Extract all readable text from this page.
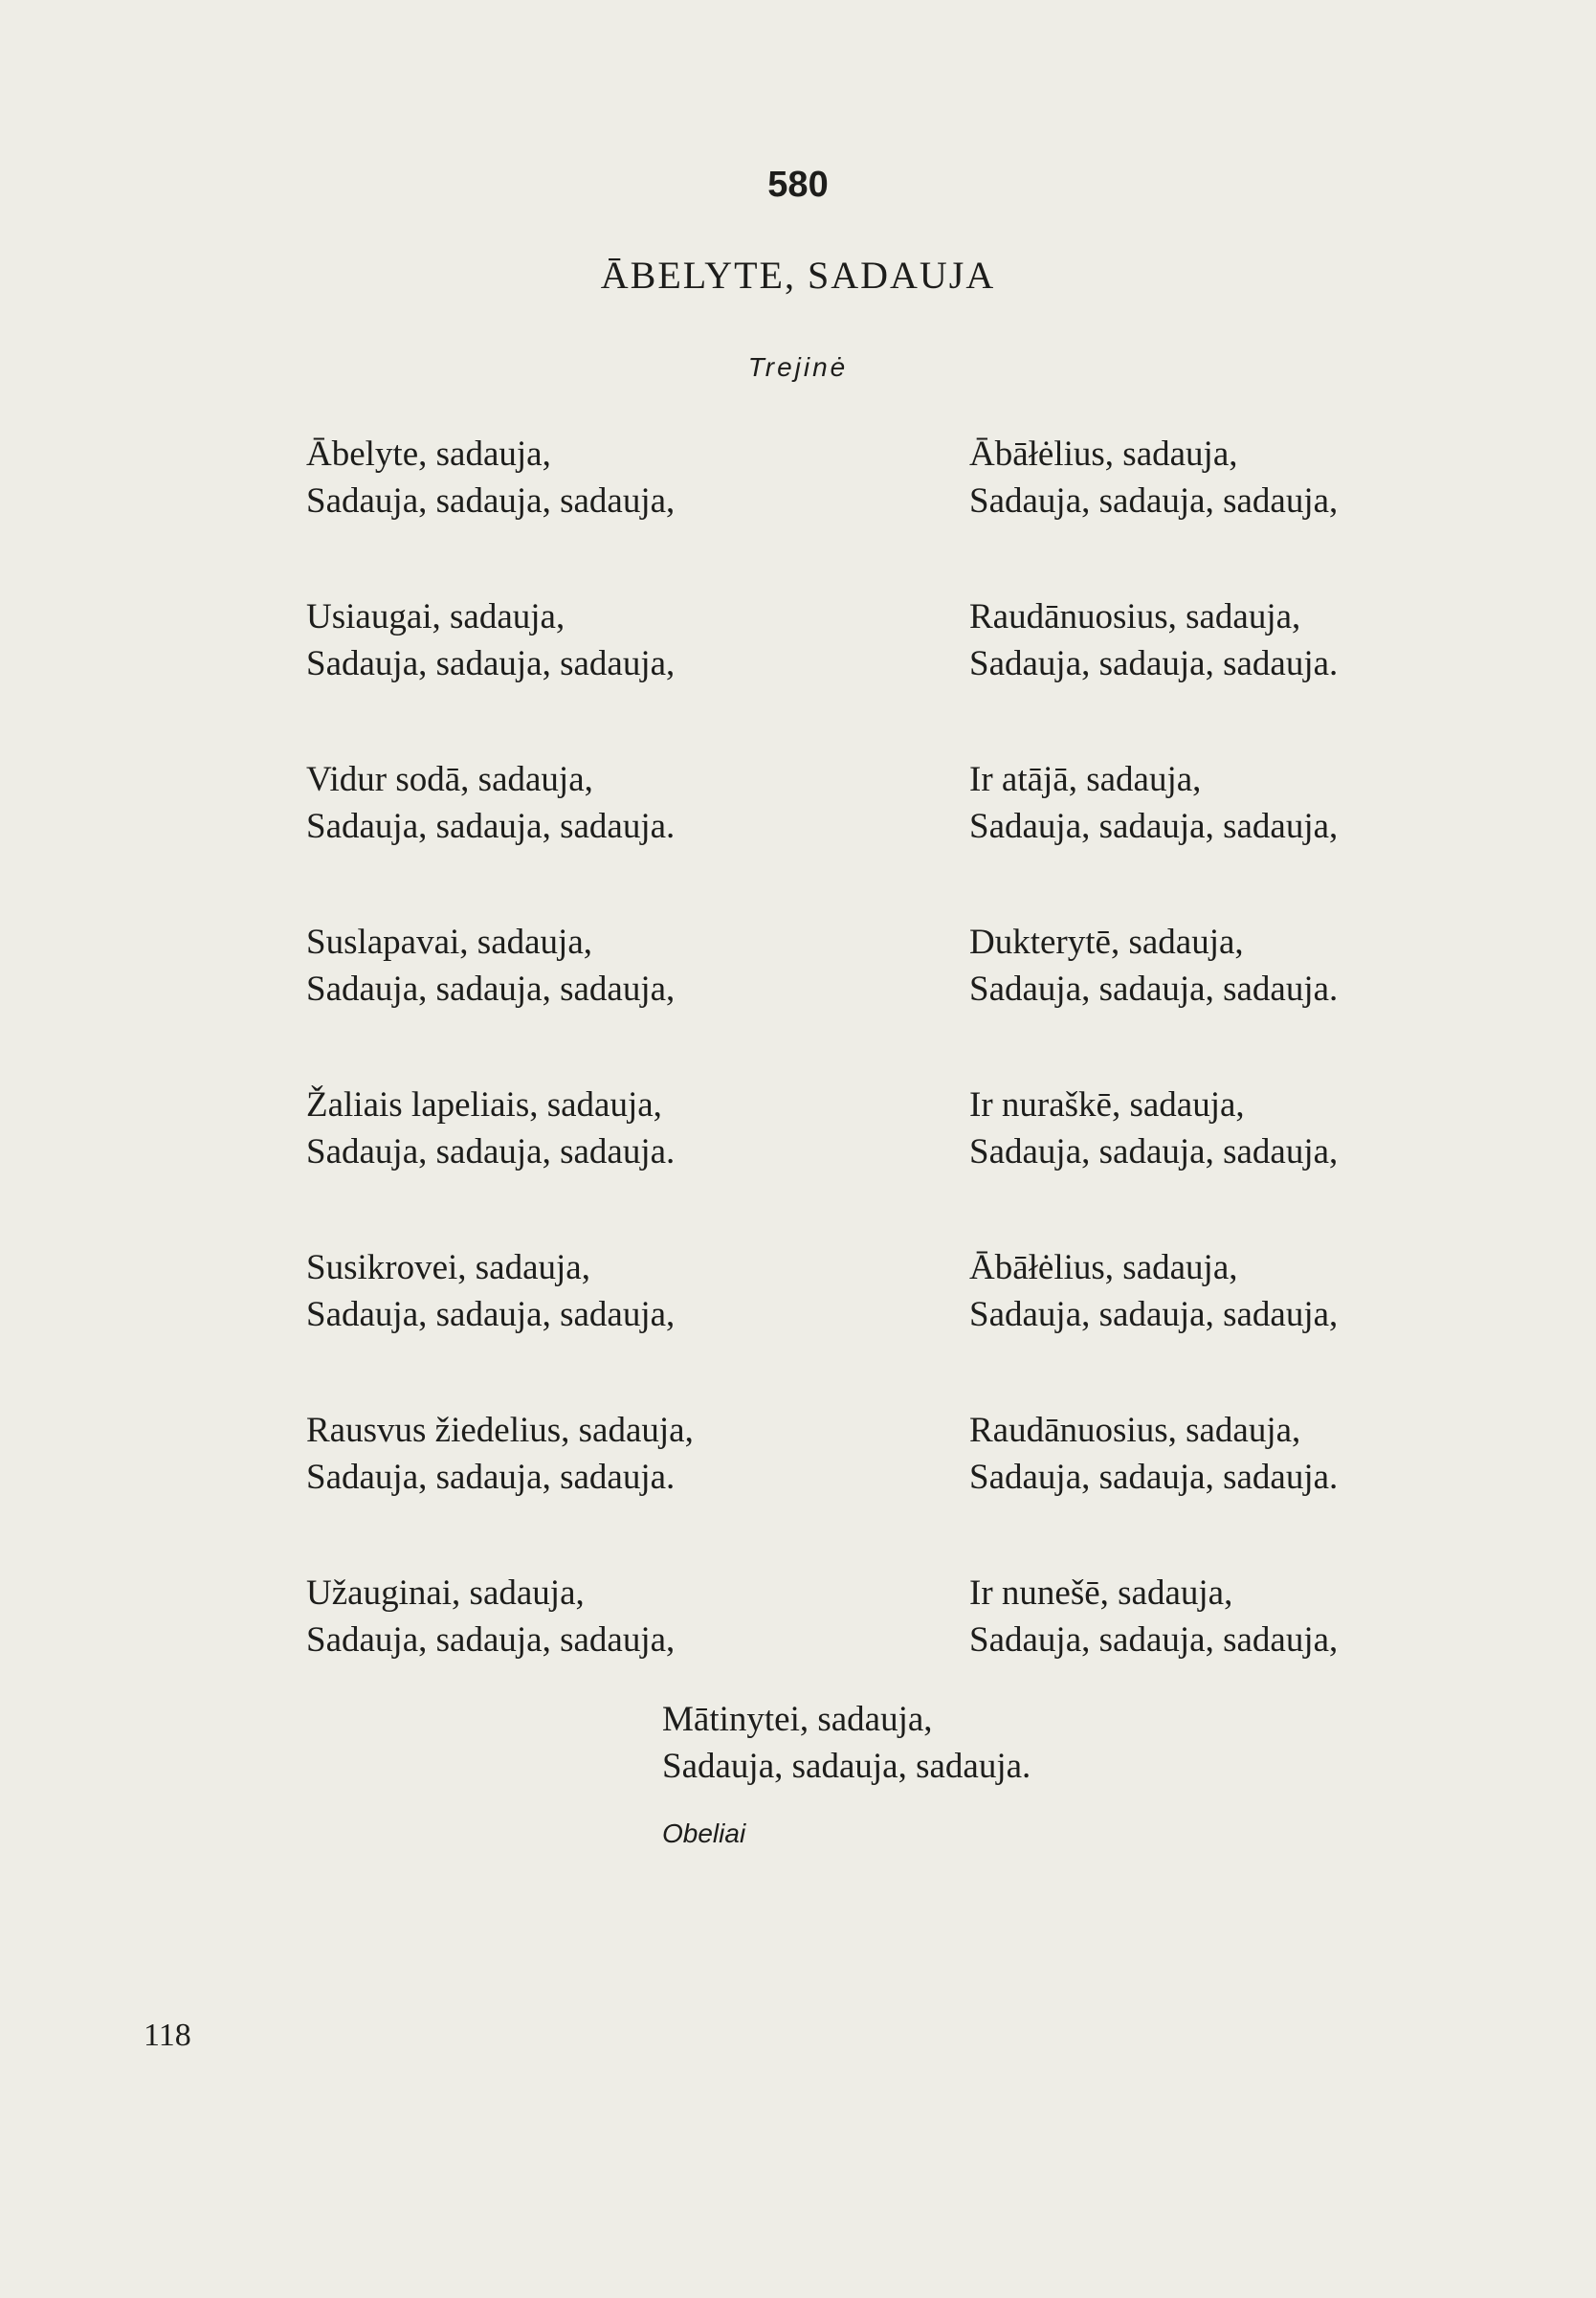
580
ĀBELYTE, SADAUJA
Trejinė
Ābelyte, sadauja,
Sadauja, sadauja, sadauja,
Usiaugai, sadauja,
Sadauja, sadauja, sadauja,
Vidur sodā, sadauja,
Sadauja, sadauja, sadauja.
Suslapavai, sadauja,
Sadauja, sadauja, sadauja,
Žaliais lapeliais, sadauja,
Sadauja, sadauja, sadauja.
Susikrovei, sadauja,
Sadauja, sadauja, sadauja,
Rausvus žiedelius, sadauja,
Sadauja, sadauja, sadauja.
Užauginai, sadauja,
Sadauja, sadauja, sadauja,
Ābāłėlius, sadauja,
Sadauja, sadauja, sadauja,
Raudānuosius, sadauja,
Sadauja, sadauja, sadauja.
Ir atājā, sadauja,
Sadauja, sadauja, sadauja,
Dukterytē, sadauja,
Sadauja, sadauja, sadauja.
Ir nuraškē, sadauja,
Sadauja, sadauja, sadauja,
Ābāłėlius, sadauja,
Sadauja, sadauja, sadauja,
Raudānuosius, sadauja,
Sadauja, sadauja, sadauja.
Ir nunešē, sadauja,
Sadauja, sadauja, sadauja,
Mātinytei, sadauja,
Sadauja, sadauja, sadauja.
Obeliai
118
